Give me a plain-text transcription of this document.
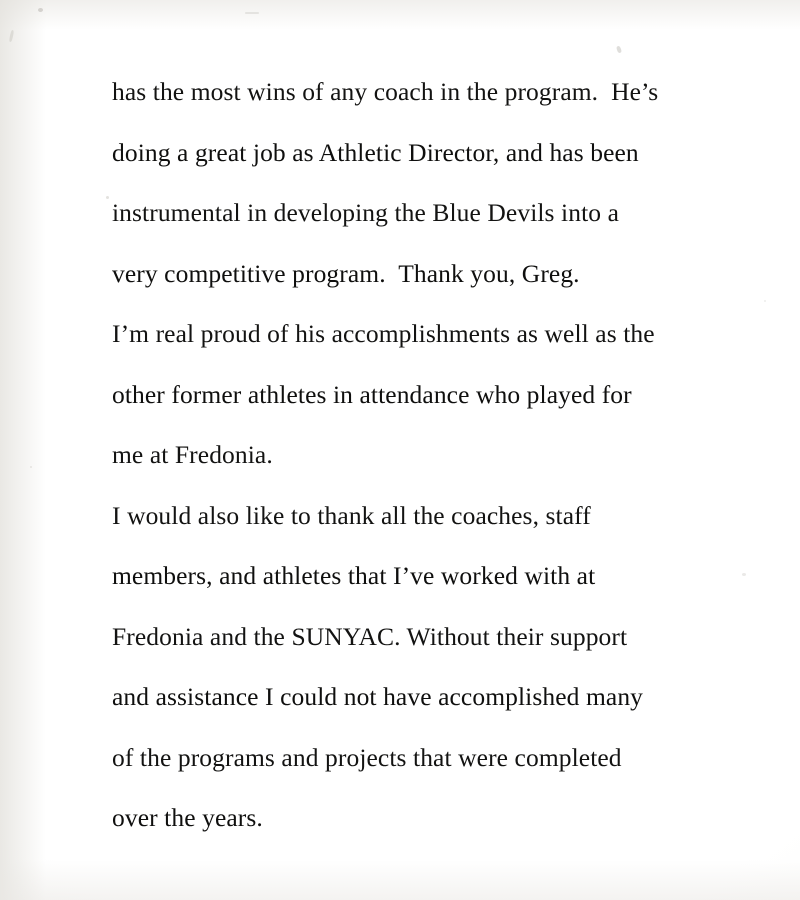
has the most wins of any coach in the program.  He’s
doing a great job as Athletic Director, and has been
instrumental in developing the Blue Devils into a
very competitive program.  Thank you, Greg.

I’m real proud of his accomplishments as well as the
other former athletes in attendance who played for
me at Fredonia.

I would also like to thank all the coaches, staff
members, and athletes that I’ve worked with at
Fredonia and the SUNYAC. Without their support
and assistance I could not have accomplished many
of the programs and projects that were completed
over the years.
